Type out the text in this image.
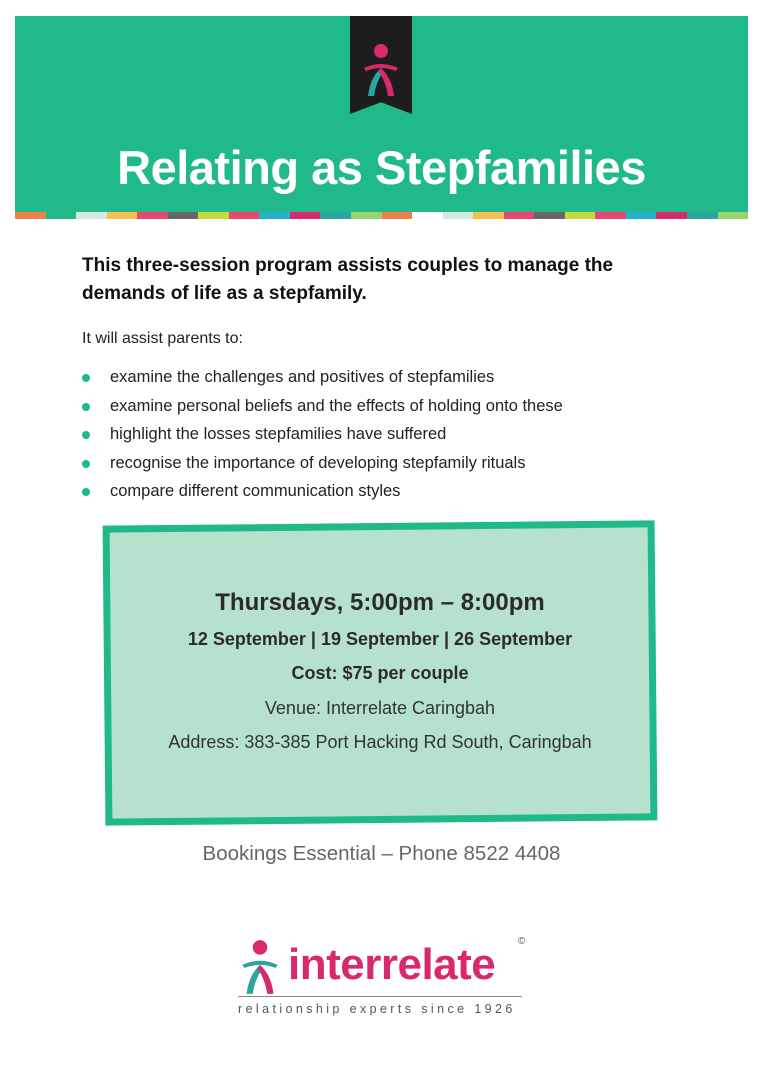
Relating as Stepfamilies

This three-session program assists couples to manage the demands of life as a stepfamily.

It will assist parents to:

examine the challenges and positives of stepfamilies
examine personal beliefs and the effects of holding onto these
highlight the losses stepfamilies have suffered
recognise the importance of developing stepfamily rituals
compare different communication styles
Thursdays, 5:00pm – 8:00pm
12 September | 19 September | 26 September
Cost: $75 per couple
Venue: Interrelate Caringbah
Address: 383-385 Port Hacking Rd South, Caringbah
Bookings Essential – Phone 8522 4408
interrelate ©
relationship experts since 1926
